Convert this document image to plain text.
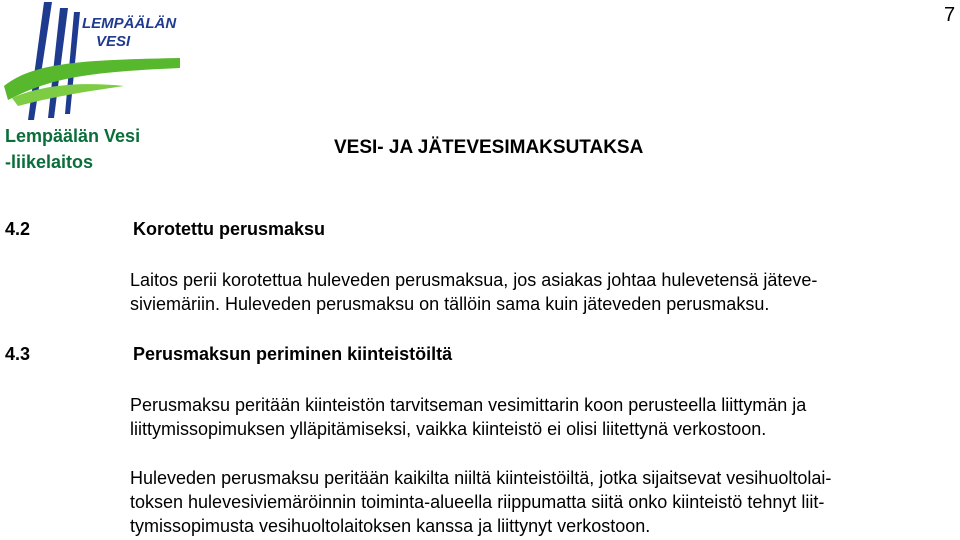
LEMPÄÄLÄN
VESI
7
Lempäälän Vesi
-liikelaitos
VESI- JA JÄTEVESIMAKSUTAKSA
4.2	Korotettu perusmaksu
Laitos perii korotettua huleveden perusmaksua, jos asiakas johtaa hulevetensä jäteve-
siviemäriin. Huleveden perusmaksu on tällöin sama kuin jäteveden perusmaksu.
4.3	Perusmaksun periminen kiinteistöiltä
Perusmaksu peritään kiinteistön tarvitseman vesimittarin koon perusteella liittymän ja
liittymissopimuksen ylläpitämiseksi, vaikka kiinteistö ei olisi liitettynä verkostoon.
Huleveden perusmaksu peritään kaikilta niiltä kiinteistöiltä, jotka sijaitsevat vesihuoltolai-
toksen hulevesiviemäröinnin toiminta-alueella riippumatta siitä onko kiinteistö tehnyt liit-
tymissopimusta vesihuoltolaitoksen kanssa ja liittynyt verkostoon.
